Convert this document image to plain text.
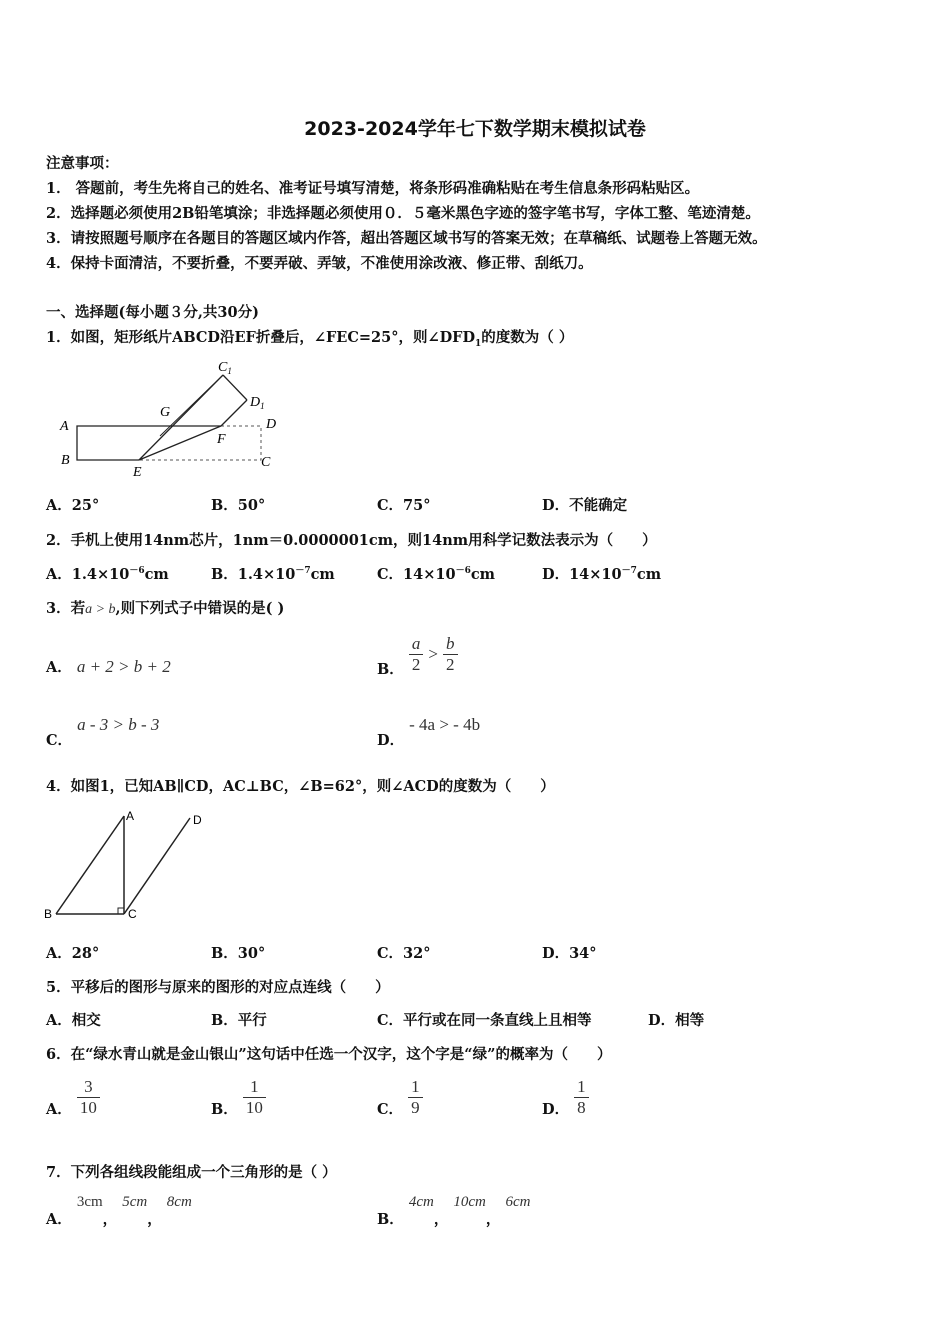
2023-2024学年七下数学期末模拟试卷
注意事项：
1． 答题前，考生先将自己的姓名、准考证号填写清楚，将条形码准确粘贴在考生信息条形码粘贴区。
2．选择题必须使用2B铅笔填涂；非选择题必须使用０．５毫米黑色字迹的签字笔书写，字体工整、笔迹清楚。
3．请按照题号顺序在各题目的答题区域内作答，超出答题区域书写的答案无效；在草稿纸、试题卷上答题无效。
4．保持卡面清洁，不要折叠，不要弄破、弄皱，不准使用涂改液、修正带、刮纸刀。
一、选择题(每小题３分,共30分)
1．如图，矩形纸片ABCD沿EF折叠后，∠FEC=25°，则$\angle DFD_1$的度数为（ ）
A
B
E
C
D
F
G
$C_1$
$D_1$
A．25°	B．50°	C．75°	D．不能确定
2．手机上使用14nm芯片，1nm＝0.0000001cm，则14nm用科学记数法表示为（　　）
A．$1.4\times 10^{-6}cm$	B．$1.4\times 10^{-7}cm$	C．$14\times 10^{-6}cm$	D．$14\times 10^{-7}cm$
3．若a > b,则下列式子中错误的是( )
A． a + 2 > b + 2	B． $\frac{a}{2} > \frac{b}{2}$
C． a - 3 > b - 3
D． - 4a > - 4b
4．如图1，已知AB∥CD，AC⊥BC，∠B=62°，则∠ACD的度数为（　　）
B	C
A	D
A．28°	B．30°	C．32°	D．34°
5．平移后的图形与原来的图形的对应点连线（　　）
A．相交	B．平行	C．平行或在同一条直线上且相等	D．相等
6．在“绿水青山就是金山银山”这句话中任选一个汉字，这个字是“绿”的概率为（　　）
A． $\frac{3}{10}$	B． $\frac{1}{10}$	C． $\frac{1}{9}$	D． $\frac{1}{8}$
7．下列各组线段能组成一个三角形的是（ ）
A． 3cm， 5cm， 8cm
B． 4cm， 10cm， 6cm
